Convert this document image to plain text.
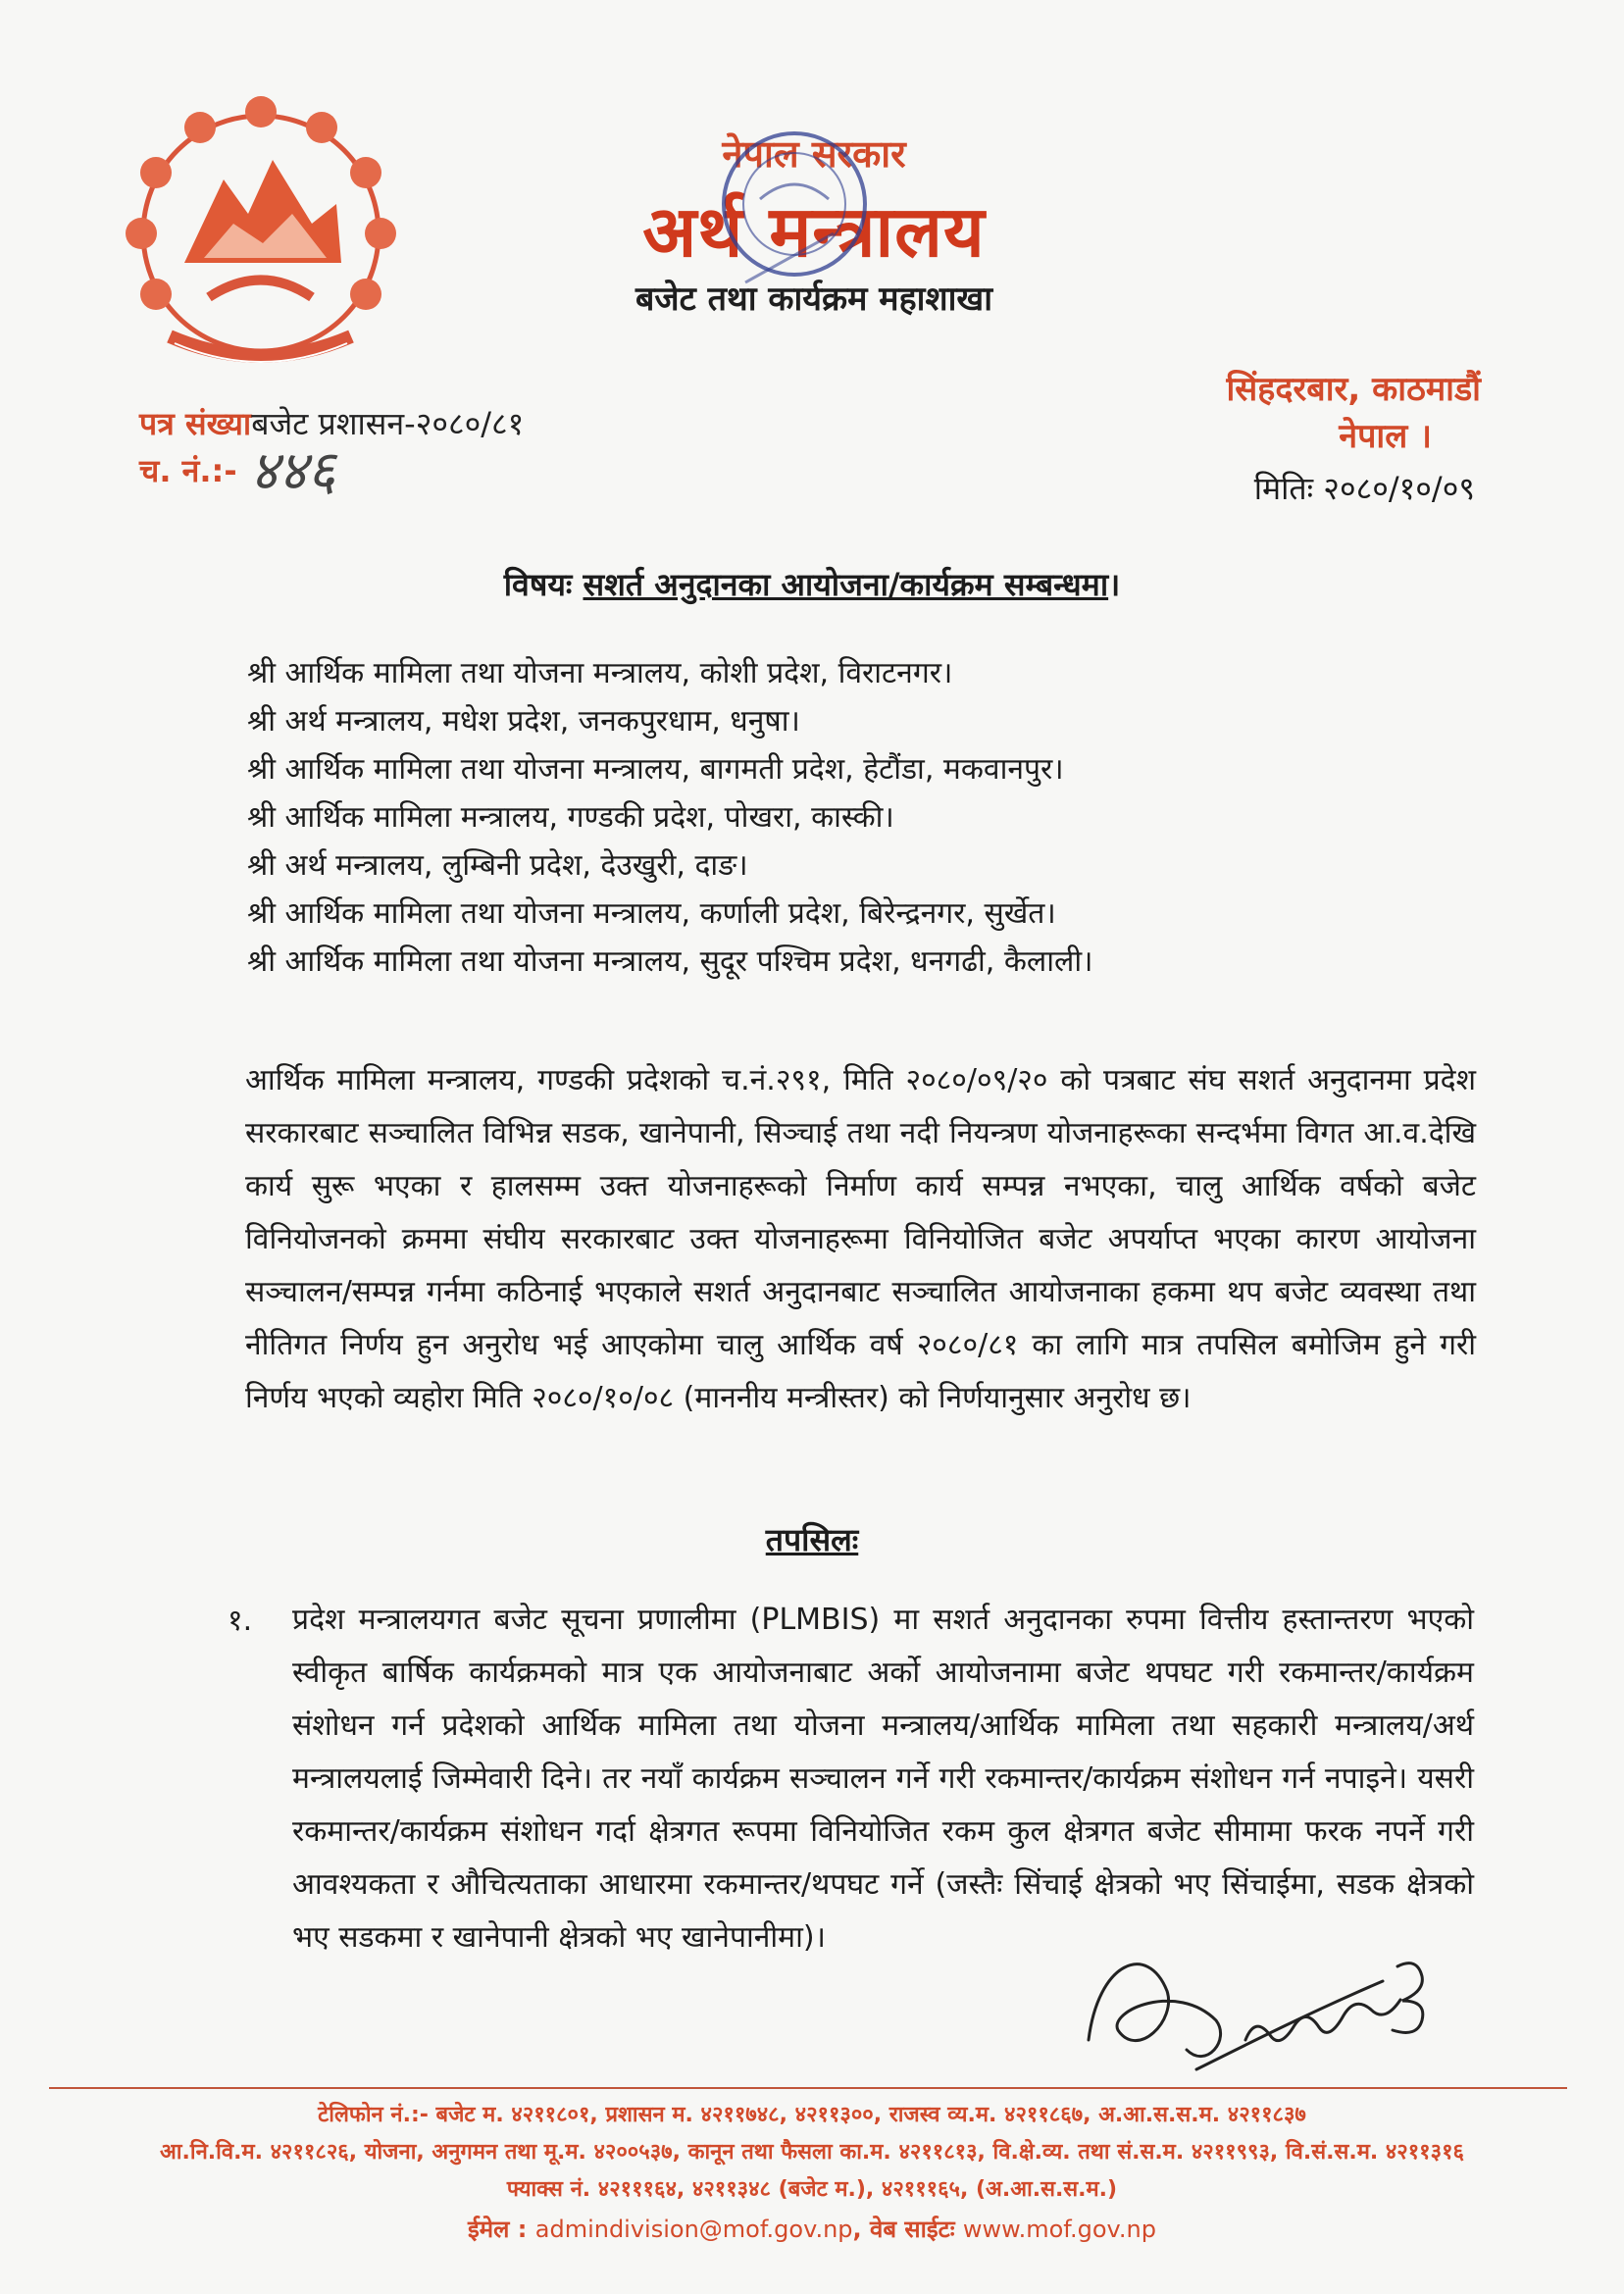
नेपाल सरकार
अर्थ मन्त्रालय
बजेट तथा कार्यक्रम महाशाखा
पत्र संख्याबजेट प्रशासन-२०८०/८१
च. नं.:- ४४६
सिंहदरबार, काठमाडौं
नेपाल ।
मितिः २०८०/१०/०९
विषयः सशर्त अनुदानका आयोजना/कार्यक्रम सम्बन्धमा।
श्री आर्थिक मामिला तथा योजना मन्त्रालय, कोशी प्रदेश, विराटनगर।
श्री अर्थ मन्त्रालय, मधेश प्रदेश, जनकपुरधाम, धनुषा।
श्री आर्थिक मामिला तथा योजना मन्त्रालय, बागमती प्रदेश, हेटौंडा, मकवानपुर।
श्री आर्थिक मामिला मन्त्रालय, गण्डकी प्रदेश, पोखरा, कास्की।
श्री अर्थ मन्त्रालय, लुम्बिनी प्रदेश, देउखुरी, दाङ।
श्री आर्थिक मामिला तथा योजना मन्त्रालय, कर्णाली प्रदेश, बिरेन्द्रनगर, सुर्खेत।
श्री आर्थिक मामिला तथा योजना मन्त्रालय, सुदूर पश्चिम प्रदेश, धनगढी, कैलाली।
आर्थिक मामिला मन्त्रालय, गण्डकी प्रदेशको च.नं.२९१, मिति २०८०/०९/२० को पत्रबाट संघ सशर्त अनुदानमा प्रदेश सरकारबाट सञ्चालित विभिन्न सडक, खानेपानी, सिञ्चाई तथा नदी नियन्त्रण योजनाहरूका सन्दर्भमा विगत आ.व.देखि कार्य सुरू भएका र हालसम्म उक्त योजनाहरूको निर्माण कार्य सम्पन्न नभएका, चालु आर्थिक वर्षको बजेट विनियोजनको क्रममा संघीय सरकारबाट उक्त योजनाहरूमा विनियोजित बजेट अपर्याप्त भएका कारण आयोजना सञ्चालन/सम्पन्न गर्नमा कठिनाई भएकाले सशर्त अनुदानबाट सञ्चालित आयोजनाका हकमा थप बजेट व्यवस्था तथा नीतिगत निर्णय हुन अनुरोध भई आएकोमा चालु आर्थिक वर्ष २०८०/८१ का लागि मात्र तपसिल बमोजिम हुने गरी निर्णय भएको व्यहोरा मिति २०८०/१०/०८ (माननीय मन्त्रीस्तर) को निर्णयानुसार अनुरोध छ।
तपसिलः
१. प्रदेश मन्त्रालयगत बजेट सूचना प्रणालीमा (PLMBIS) मा सशर्त अनुदानका रुपमा वित्तीय हस्तान्तरण भएको स्वीकृत बार्षिक कार्यक्रमको मात्र एक आयोजनाबाट अर्को आयोजनामा बजेट थपघट गरी रकमान्तर/कार्यक्रम संशोधन गर्न प्रदेशको आर्थिक मामिला तथा योजना मन्त्रालय/आर्थिक मामिला तथा सहकारी मन्त्रालय/अर्थ मन्त्रालयलाई जिम्मेवारी दिने। तर नयाँ कार्यक्रम सञ्चालन गर्ने गरी रकमान्तर/कार्यक्रम संशोधन गर्न नपाइने। यसरी रकमान्तर/कार्यक्रम संशोधन गर्दा क्षेत्रगत रूपमा विनियोजित रकम कुल क्षेत्रगत बजेट सीमामा फरक नपर्ने गरी आवश्यकता र औचित्यताका आधारमा रकमान्तर/थपघट गर्ने (जस्तैः सिंचाई क्षेत्रको भए सिंचाईमा, सडक क्षेत्रको भए सडकमा र खानेपानी क्षेत्रको भए खानेपानीमा)।
टेलिफोन नं.:- बजेट म. ४२११८०१, प्रशासन म. ४२११७४८, ४२११३००, राजस्व व्य.म. ४२११८६७, अ.आ.स.स.म. ४२११८३७
आ.नि.वि.म. ४२११८२६, योजना, अनुगमन तथा मू.म. ४२००५३७, कानून तथा फैसला का.म. ४२११८१३, वि.क्षे.व्य. तथा सं.स.म. ४२११९९३, वि.सं.स.म. ४२११३१६
फ्याक्स नं. ४२१११६४, ४२११३४८ (बजेट म.), ४२१११६५, (अ.आ.स.स.म.)
ईमेल : admindivision@mof.gov.np, वेब साईटः www.mof.gov.np
